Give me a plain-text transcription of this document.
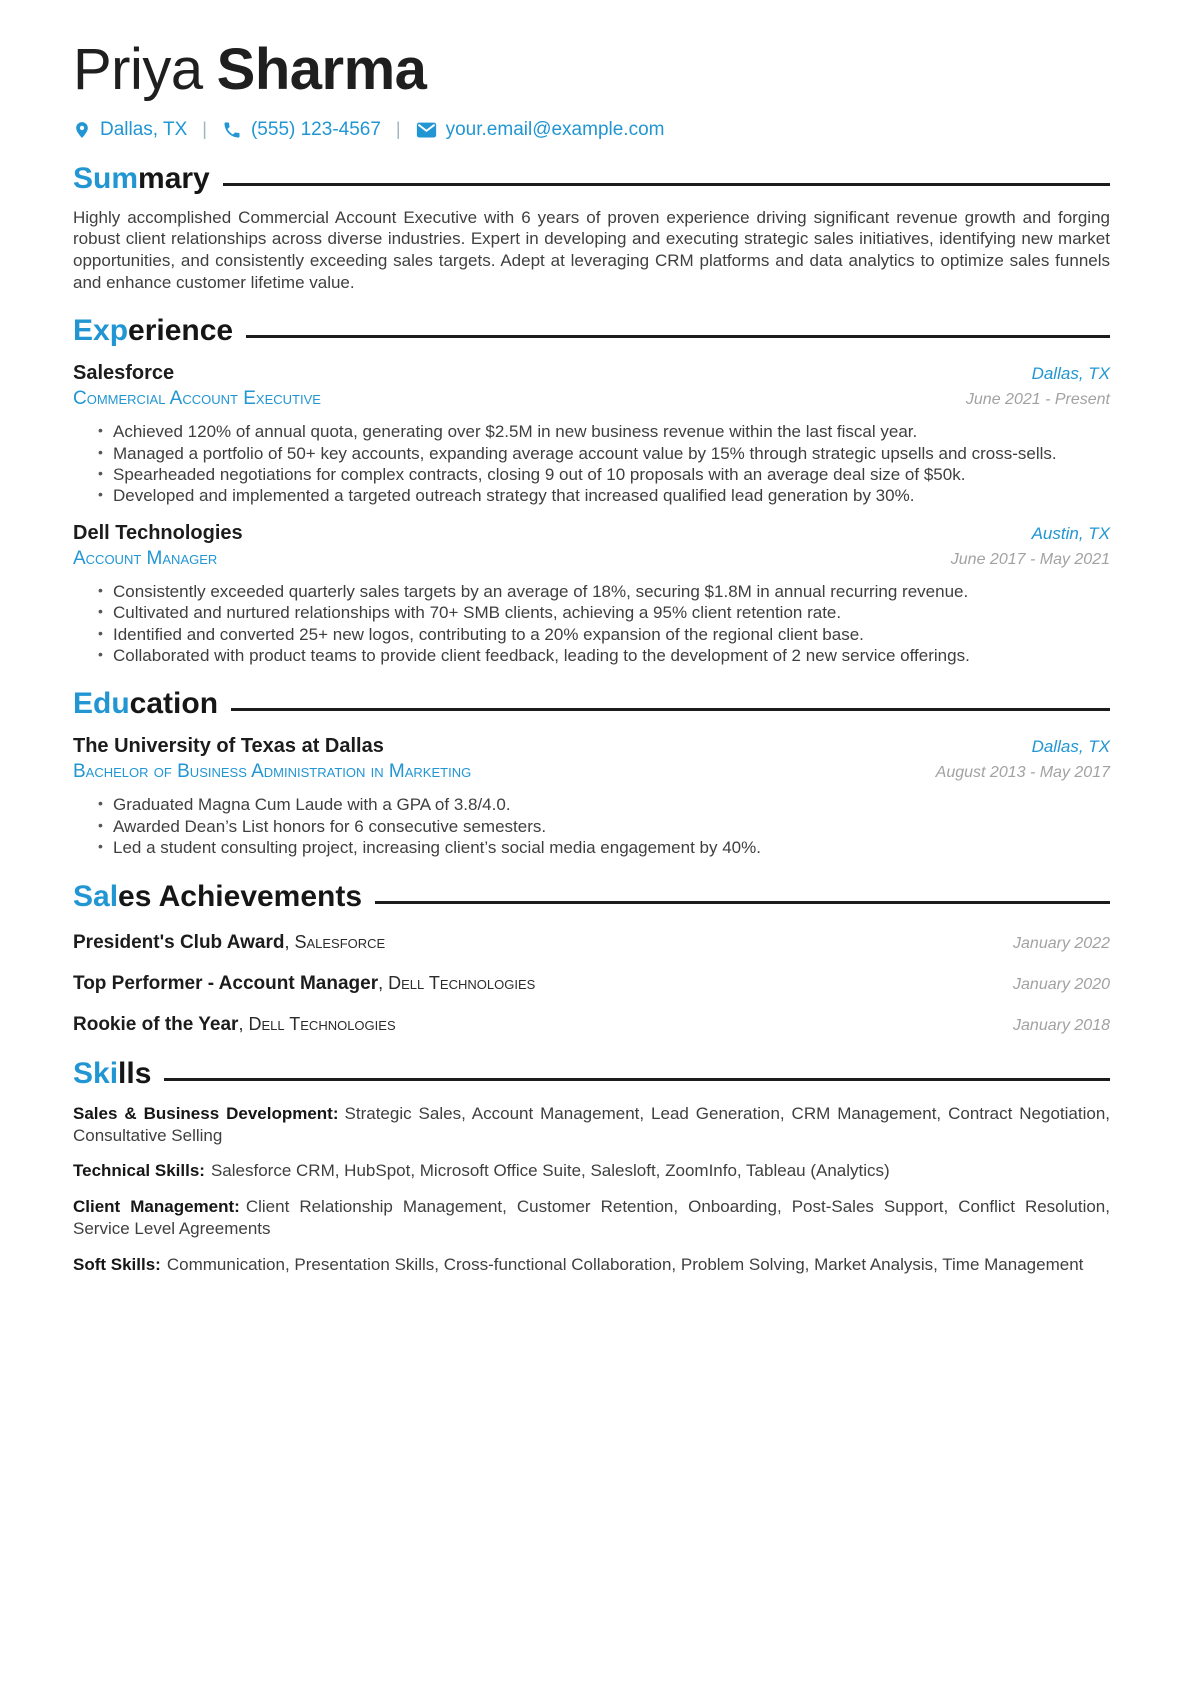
Priya Sharma
Dallas, TX | (555) 123-4567 | your.email@example.com
Summary

Highly accomplished Commercial Account Executive with 6 years of proven experience driving significant revenue growth and forging robust client relationships across diverse industries. Expert in developing and executing strategic sales initiatives, identifying new market opportunities, and consistently exceeding sales targets. Adept at leveraging CRM platforms and data analytics to optimize sales funnels and enhance customer lifetime value.

Experience
Salesforce	Dallas, TX
Commercial Account Executive	June 2021 - Present
• Achieved 120% of annual quota, generating over $2.5M in new business revenue within the last fiscal year.
• Managed a portfolio of 50+ key accounts, expanding average account value by 15% through strategic upsells and cross-sells.
• Spearheaded negotiations for complex contracts, closing 9 out of 10 proposals with an average deal size of $50k.
• Developed and implemented a targeted outreach strategy that increased qualified lead generation by 30%.
Dell Technologies	Austin, TX
Account Manager	June 2017 - May 2021
• Consistently exceeded quarterly sales targets by an average of 18%, securing $1.8M in annual recurring revenue.
• Cultivated and nurtured relationships with 70+ SMB clients, achieving a 95% client retention rate.
• Identified and converted 25+ new logos, contributing to a 20% expansion of the regional client base.
• Collaborated with product teams to provide client feedback, leading to the development of 2 new service offerings.
Education
The University of Texas at Dallas	Dallas, TX
Bachelor of Business Administration in Marketing	August 2013 - May 2017
• Graduated Magna Cum Laude with a GPA of 3.8/4.0.
• Awarded Dean’s List honors for 6 consecutive semesters.
• Led a student consulting project, increasing client’s social media engagement by 40%.
Sales Achievements
President's Club Award, Salesforce	January 2022
Top Performer - Account Manager, Dell Technologies	January 2020
Rookie of the Year, Dell Technologies	January 2018
Skills

Sales & Business Development: Strategic Sales, Account Management, Lead Generation, CRM Management, Contract Negotiation, Consultative Selling

Technical Skills: Salesforce CRM, HubSpot, Microsoft Office Suite, Salesloft, ZoomInfo, Tableau (Analytics)

Client Management: Client Relationship Management, Customer Retention, Onboarding, Post-Sales Support, Conflict Resolution, Service Level Agreements

Soft Skills: Communication, Presentation Skills, Cross-functional Collaboration, Problem Solving, Market Analysis, Time Management
